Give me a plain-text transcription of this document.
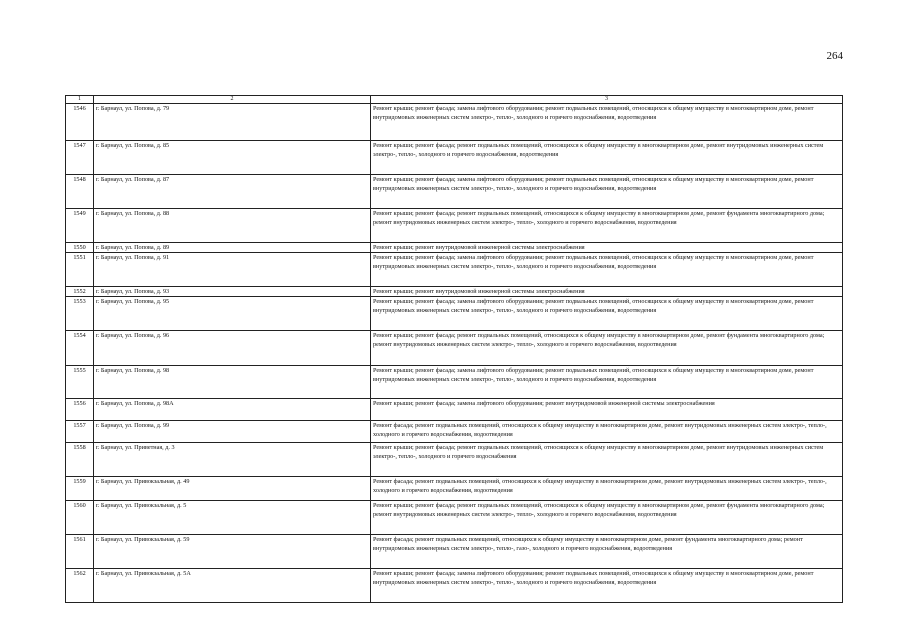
264
1	2	3
1546	г. Барнаул, ул. Попова, д. 79	Ремонт крыши; ремонт фасада; замена лифтового оборудования; ремонт подвальных помещений, относящихся к общему имуществу в многоквартирном доме, ремонт внутридомовых инженерных систем электро-, тепло-, холодного и горячего водоснабжения, водоотведения
1547	г. Барнаул, ул. Попова, д. 85	Ремонт крыши; ремонт фасада; ремонт подвальных помещений, относящихся к общему имуществу в многоквартирном доме, ремонт внутридомовых инженерных систем электро-, тепло-, холодного и горячего водоснабжения, водоотведения
1548	г. Барнаул, ул. Попова, д. 87	Ремонт крыши; ремонт фасада; замена лифтового оборудования; ремонт подвальных помещений, относящихся к общему имуществу в многоквартирном доме, ремонт внутридомовых инженерных систем электро-, тепло-, холодного и горячего водоснабжения, водоотведения
1549	г. Барнаул, ул. Попова, д. 88	Ремонт крыши; ремонт фасада; ремонт подвальных помещений, относящихся к общему имуществу в многоквартирном доме, ремонт фундамента многоквартирного дома; ремонт внутридомовых инженерных систем электро-, тепло-, холодного и горячего водоснабжения, водоотведения
1550	г. Барнаул, ул. Попова, д. 89	Ремонт крыши; ремонт внутридомовой инженерной системы электроснабжения
1551	г. Барнаул, ул. Попова, д. 91	Ремонт крыши; ремонт фасада; замена лифтового оборудования; ремонт подвальных помещений, относящихся к общему имуществу в многоквартирном доме, ремонт внутридомовых инженерных систем электро-, тепло-, холодного и горячего водоснабжения, водоотведения
1552	г. Барнаул, ул. Попова, д. 93	Ремонт крыши; ремонт внутридомовой инженерной системы электроснабжения
1553	г. Барнаул, ул. Попова, д. 95	Ремонт крыши; ремонт фасада; замена лифтового оборудования; ремонт подвальных помещений, относящихся к общему имуществу в многоквартирном доме, ремонт внутридомовых инженерных систем электро-, тепло-, холодного и горячего водоснабжения, водоотведения
1554	г. Барнаул, ул. Попова, д. 96	Ремонт крыши; ремонт фасада; ремонт подвальных помещений, относящихся к общему имуществу в многоквартирном доме, ремонт фундамента многоквартирного дома; ремонт внутридомовых инженерных систем электро-, тепло-, холодного и горячего водоснабжения, водоотведения
1555	г. Барнаул, ул. Попова, д. 98	Ремонт крыши; ремонт фасада; замена лифтового оборудования; ремонт подвальных помещений, относящихся к общему имуществу в многоквартирном доме, ремонт внутридомовых инженерных систем электро-, тепло-, холодного и горячего водоснабжения, водоотведения
1556	г. Барнаул, ул. Попова, д. 98А	Ремонт крыши; ремонт фасада; замена лифтового оборудования; ремонт внутридомовой инженерной системы электроснабжения
1557	г. Барнаул, ул. Попова, д. 99	Ремонт фасада; ремонт подвальных помещений, относящихся к общему имуществу в многоквартирном доме, ремонт внутридомовых инженерных систем электро-, тепло-, холодного и горячего водоснабжения, водоотведения
1558	г. Барнаул, ул. Приветная, д. 3	Ремонт крыши; ремонт фасада; ремонт подвальных помещений, относящихся к общему имуществу в многоквартирном доме, ремонт внутридомовых инженерных систем электро-, тепло-, холодного и горячего водоснабжения
1559	г. Барнаул, ул. Привокзальная, д. 49	Ремонт фасада; ремонт подвальных помещений, относящихся к общему имуществу в многоквартирном доме, ремонт внутридомовых инженерных систем электро-, тепло-, холодного и горячего водоснабжения, водоотведения
1560	г. Барнаул, ул. Привокзальная, д. 5	Ремонт крыши; ремонт фасада; ремонт подвальных помещений, относящихся к общему имуществу в многоквартирном доме, ремонт фундамента многоквартирного дома; ремонт внутридомовых инженерных систем электро-, тепло-, холодного и горячего водоснабжения, водоотведения
1561	г. Барнаул, ул. Привокзальная, д. 59	Ремонт фасада; ремонт подвальных помещений, относящихся к общему имуществу в многоквартирном доме, ремонт фундамента многоквартирного дома; ремонт внутридомовых инженерных систем электро-, тепло-, газо-, холодного и горячего водоснабжения, водоотведения
1562	г. Барнаул, ул. Привокзальная, д. 5А	Ремонт крыши; ремонт фасада; замена лифтового оборудования; ремонт подвальных помещений, относящихся к общему имуществу в многоквартирном доме, ремонт внутридомовых инженерных систем электро-, тепло-, холодного и горячего водоснабжения, водоотведения
